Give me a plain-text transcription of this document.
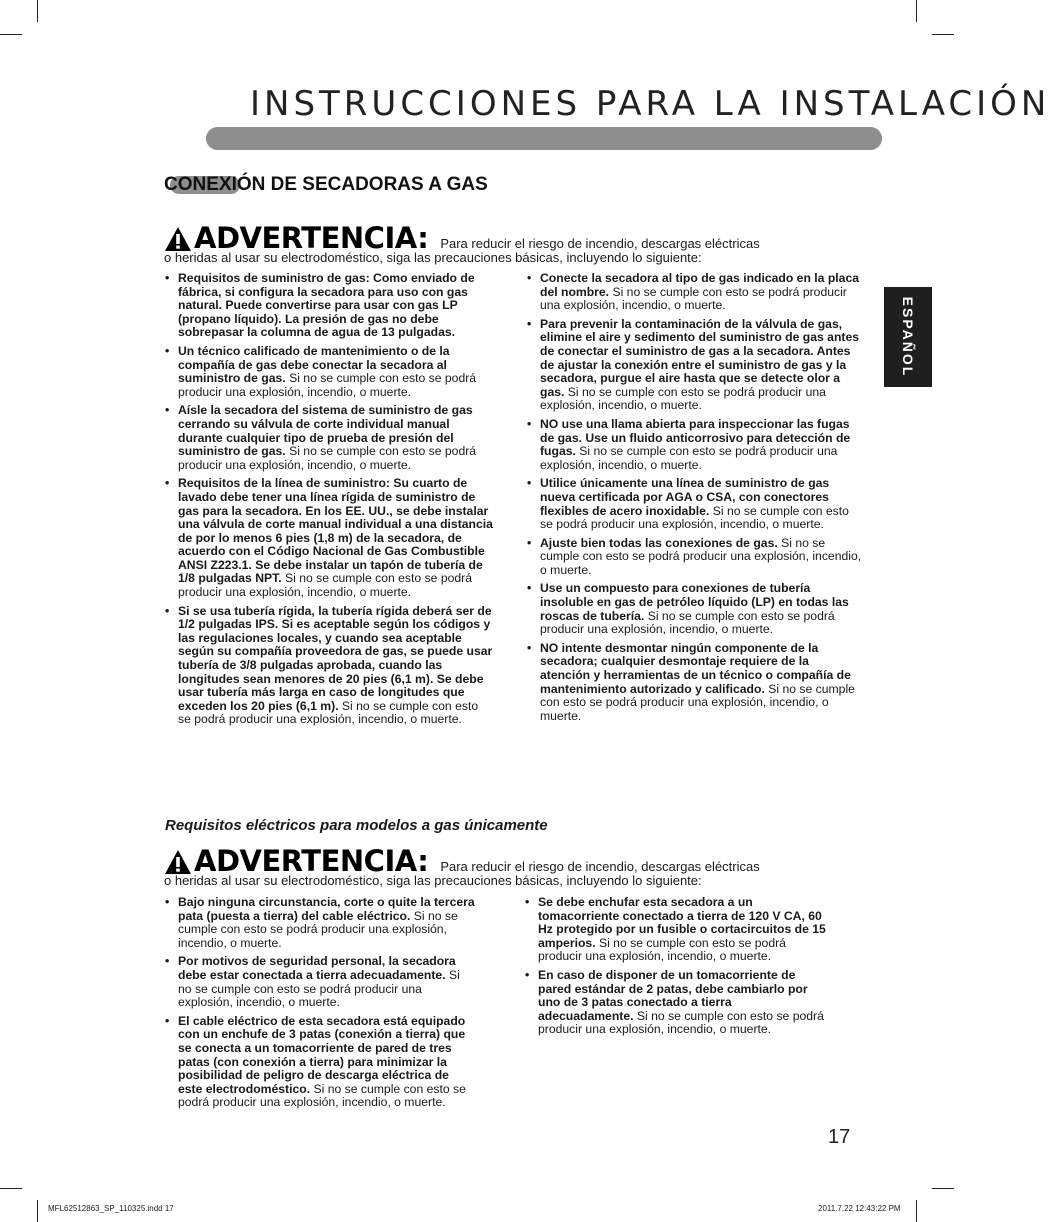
INSTRUCCIONES PARA LA INSTALACIÓN
CONEXIÓN DE SECADORAS A GAS
ESPAÑOL
ADVERTENCIA: Para reducir el riesgo de incendio, descargas eléctricas
o heridas al usar su electrodoméstico, siga las precauciones básicas, incluyendo lo siguiente:
• Requisitos de suministro de gas: Como enviado de fábrica, si configura la secadora para uso con gas natural. Puede convertirse para usar con gas LP (propano líquido). La presión de gas no debe sobrepasar la columna de agua de 13 pulgadas.
• Un técnico calificado de mantenimiento o de la compañía de gas debe conectar la secadora al suministro de gas. Si no se cumple con esto se podrá producir una explosión, incendio, o muerte.
• Aísle la secadora del sistema de suministro de gas cerrando su válvula de corte individual manual durante cualquier tipo de prueba de presión del suministro de gas. Si no se cumple con esto se podrá producir una explosión, incendio, o muerte.
• Requisitos de la línea de suministro: Su cuarto de lavado debe tener una línea rígida de suministro de gas para la secadora. En los EE. UU., se debe instalar una válvula de corte manual individual a una distancia de por lo menos 6 pies (1,8 m) de la secadora, de acuerdo con el Código Nacional de Gas Combustible ANSI Z223.1. Se debe instalar un tapón de tubería de 1/8 pulgadas NPT. Si no se cumple con esto se podrá producir una explosión, incendio, o muerte.
• Si se usa tubería rígida, la tubería rígida deberá ser de 1/2 pulgadas IPS. Si es aceptable según los códigos y las regulaciones locales, y cuando sea aceptable según su compañía proveedora de gas, se puede usar tubería de 3/8 pulgadas aprobada, cuando las longitudes sean menores de 20 pies (6,1 m). Se debe usar tubería más larga en caso de longitudes que exceden los 20 pies (6,1 m). Si no se cumple con esto se podrá producir una explosión, incendio, o muerte.
• Conecte la secadora al tipo de gas indicado en la placa del nombre. Si no se cumple con esto se podrá producir una explosión, incendio, o muerte.
• Para prevenir la contaminación de la válvula de gas, elimine el aire y sedimento del suministro de gas antes de conectar el suministro de gas a la secadora. Antes de ajustar la conexión entre el suministro de gas y la secadora, purgue el aire hasta que se detecte olor a gas. Si no se cumple con esto se podrá producir una explosión, incendio, o muerte.
• NO use una llama abierta para inspeccionar las fugas de gas. Use un fluido anticorrosivo para detección de fugas. Si no se cumple con esto se podrá producir una explosión, incendio, o muerte.
• Utilice únicamente una línea de suministro de gas nueva certificada por AGA o CSA, con conectores flexibles de acero inoxidable. Si no se cumple con esto se podrá producir una explosión, incendio, o muerte.
• Ajuste bien todas las conexiones de gas. Si no se cumple con esto se podrá producir una explosión, incendio, o muerte.
• Use un compuesto para conexiones de tubería insoluble en gas de petróleo líquido (LP) en todas las roscas de tubería. Si no se cumple con esto se podrá producir una explosión, incendio, o muerte.
• NO intente desmontar ningún componente de la secadora; cualquier desmontaje requiere de la atención y herramientas de un técnico o compañía de mantenimiento autorizado y calificado. Si no se cumple con esto se podrá producir una explosión, incendio, o muerte.
Requisitos eléctricos para modelos a gas únicamente
ADVERTENCIA: Para reducir el riesgo de incendio, descargas eléctricas
o heridas al usar su electrodoméstico, siga las precauciones básicas, incluyendo lo siguiente:
• Bajo ninguna circunstancia, corte o quite la tercera pata (puesta a tierra) del cable eléctrico. Si no se cumple con esto se podrá producir una explosión, incendio, o muerte.
• Por motivos de seguridad personal, la secadora debe estar conectada a tierra adecuadamente. Si no se cumple con esto se podrá producir una explosión, incendio, o muerte.
• El cable eléctrico de esta secadora está equipado con un enchufe de 3 patas (conexión a tierra) que se conecta a un tomacorriente de pared de tres patas (con conexión a tierra) para minimizar la posibilidad de peligro de descarga eléctrica de este electrodoméstico. Si no se cumple con esto se podrá producir una explosión, incendio, o muerte.
• Se debe enchufar esta secadora a un tomacorriente conectado a tierra de 120 V CA, 60 Hz protegido por un fusible o cortacircuitos de 15 amperios. Si no se cumple con esto se podrá producir una explosión, incendio, o muerte.
• En caso de disponer de un tomacorriente de pared estándar de 2 patas, debe cambiarlo por uno de 3 patas conectado a tierra adecuadamente. Si no se cumple con esto se podrá producir una explosión, incendio, o muerte.
17
MFL62512863_SP_110325.indd 17	2011.7.22 12:43:22 PM
